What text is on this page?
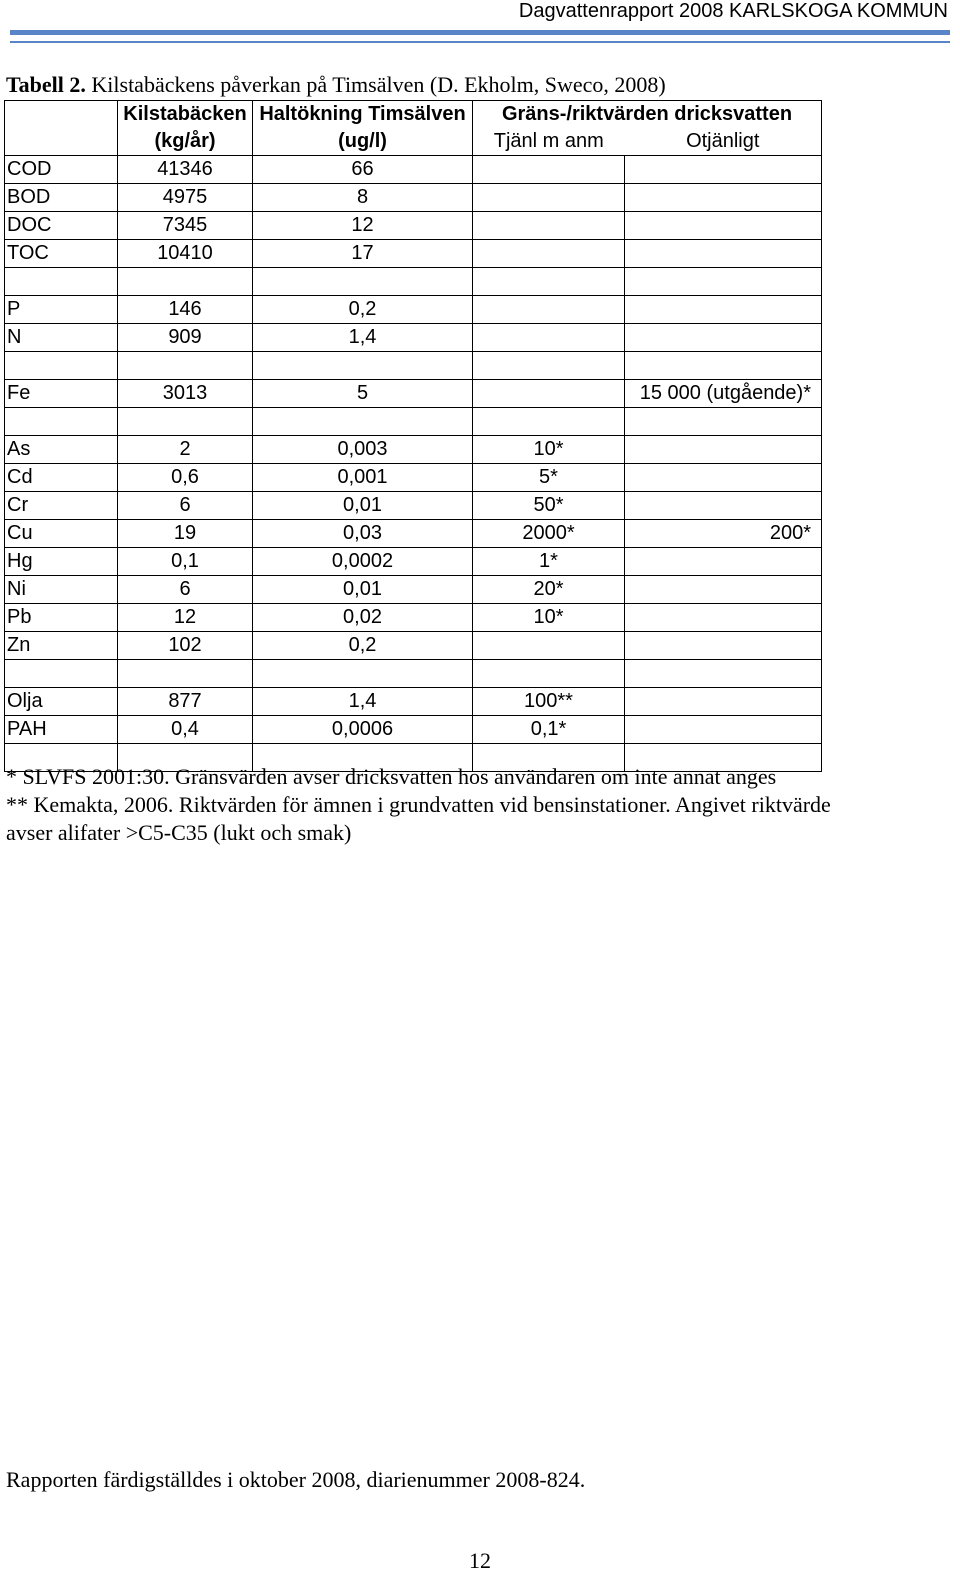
Dagvattenrapport 2008 KARLSKOGA KOMMUN
Tabell 2. Kilstabäckens påverkan på Timsälven (D. Ekholm, Sweco, 2008)
	Kilstabäcken	Haltökning Timsälven	Gräns-/riktvärden dricksvatten	
	(kg/år)	(ug/l)	Tjänl m anm	Otjänligt
COD	41346	66		
BOD	4975	8		
DOC	7345	12		
TOC	10410	17		

P	146	0,2		
N	909	1,4		

Fe	3013	5		15 000 (utgående)*

As	2	0,003	10*	
Cd	0,6	0,001	5*	
Cr	6	0,01	50*	
Cu	19	0,03	2000*	200*
Hg	0,1	0,0002	1*	
Ni	6	0,01	20*	
Pb	12	0,02	10*	
Zn	102	0,2		

Olja	877	1,4	100**	
PAH	0,4	0,0006	0,1*	

* SLVFS 2001:30. Gränsvärden avser dricksvatten hos användaren om inte annat anges
** Kemakta, 2006. Riktvärden för ämnen i grundvatten vid bensinstationer. Angivet riktvärde
avser alifater >C5-C35 (lukt och smak)
Rapporten färdigställdes i oktober 2008, diarienummer 2008-824.
12
